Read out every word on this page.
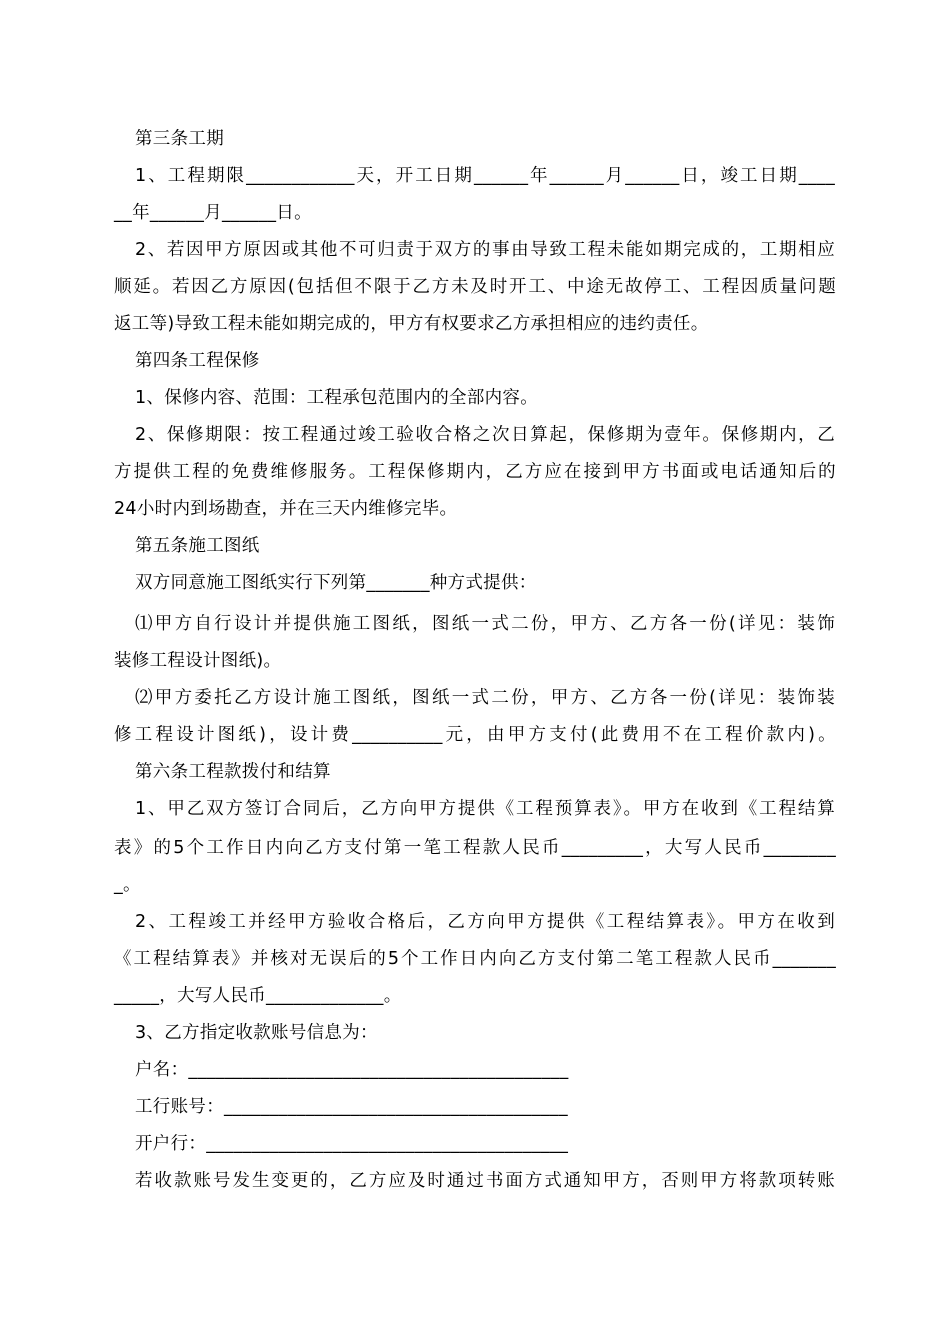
第三条工期
1、工程期限____________天，开工日期______年______月______日，竣工日期____
__年______月______日。
2、若因甲方原因或其他不可归责于双方的事由导致工程未能如期完成的，工期相应
顺延。若因乙方原因(包括但不限于乙方未及时开工、中途无故停工、工程因质量问题
返工等)导致工程未能如期完成的，甲方有权要求乙方承担相应的违约责任。
第四条工程保修
1、保修内容、范围：工程承包范围内的全部内容。
2、保修期限：按工程通过竣工验收合格之次日算起，保修期为壹年。保修期内，乙
方提供工程的免费维修服务。工程保修期内，乙方应在接到甲方书面或电话通知后的
24小时内到场勘查，并在三天内维修完毕。
第五条施工图纸
双方同意施工图纸实行下列第_______种方式提供：
⑴甲方自行设计并提供施工图纸，图纸一式二份，甲方、乙方各一份(详见：装饰
装修工程设计图纸)。
⑵甲方委托乙方设计施工图纸，图纸一式二份，甲方、乙方各一份(详见：装饰装
修工程设计图纸)，设计费__________元，由甲方支付(此费用不在工程价款内)。
第六条工程款拨付和结算
1、甲乙双方签订合同后，乙方向甲方提供《工程预算表》。甲方在收到《工程结算
表》的5个工作日内向乙方支付第一笔工程款人民币_________，大写人民币________
_。
2、工程竣工并经甲方验收合格后，乙方向甲方提供《工程结算表》。甲方在收到
《工程结算表》并核对无误后的5个工作日内向乙方支付第二笔工程款人民币_______
_____，大写人民币_____________。
3、乙方指定收款账号信息为：
户名：__________________________________________
工行账号：______________________________________
开户行：________________________________________
若收款账号发生变更的，乙方应及时通过书面方式通知甲方，否则甲方将款项转账
